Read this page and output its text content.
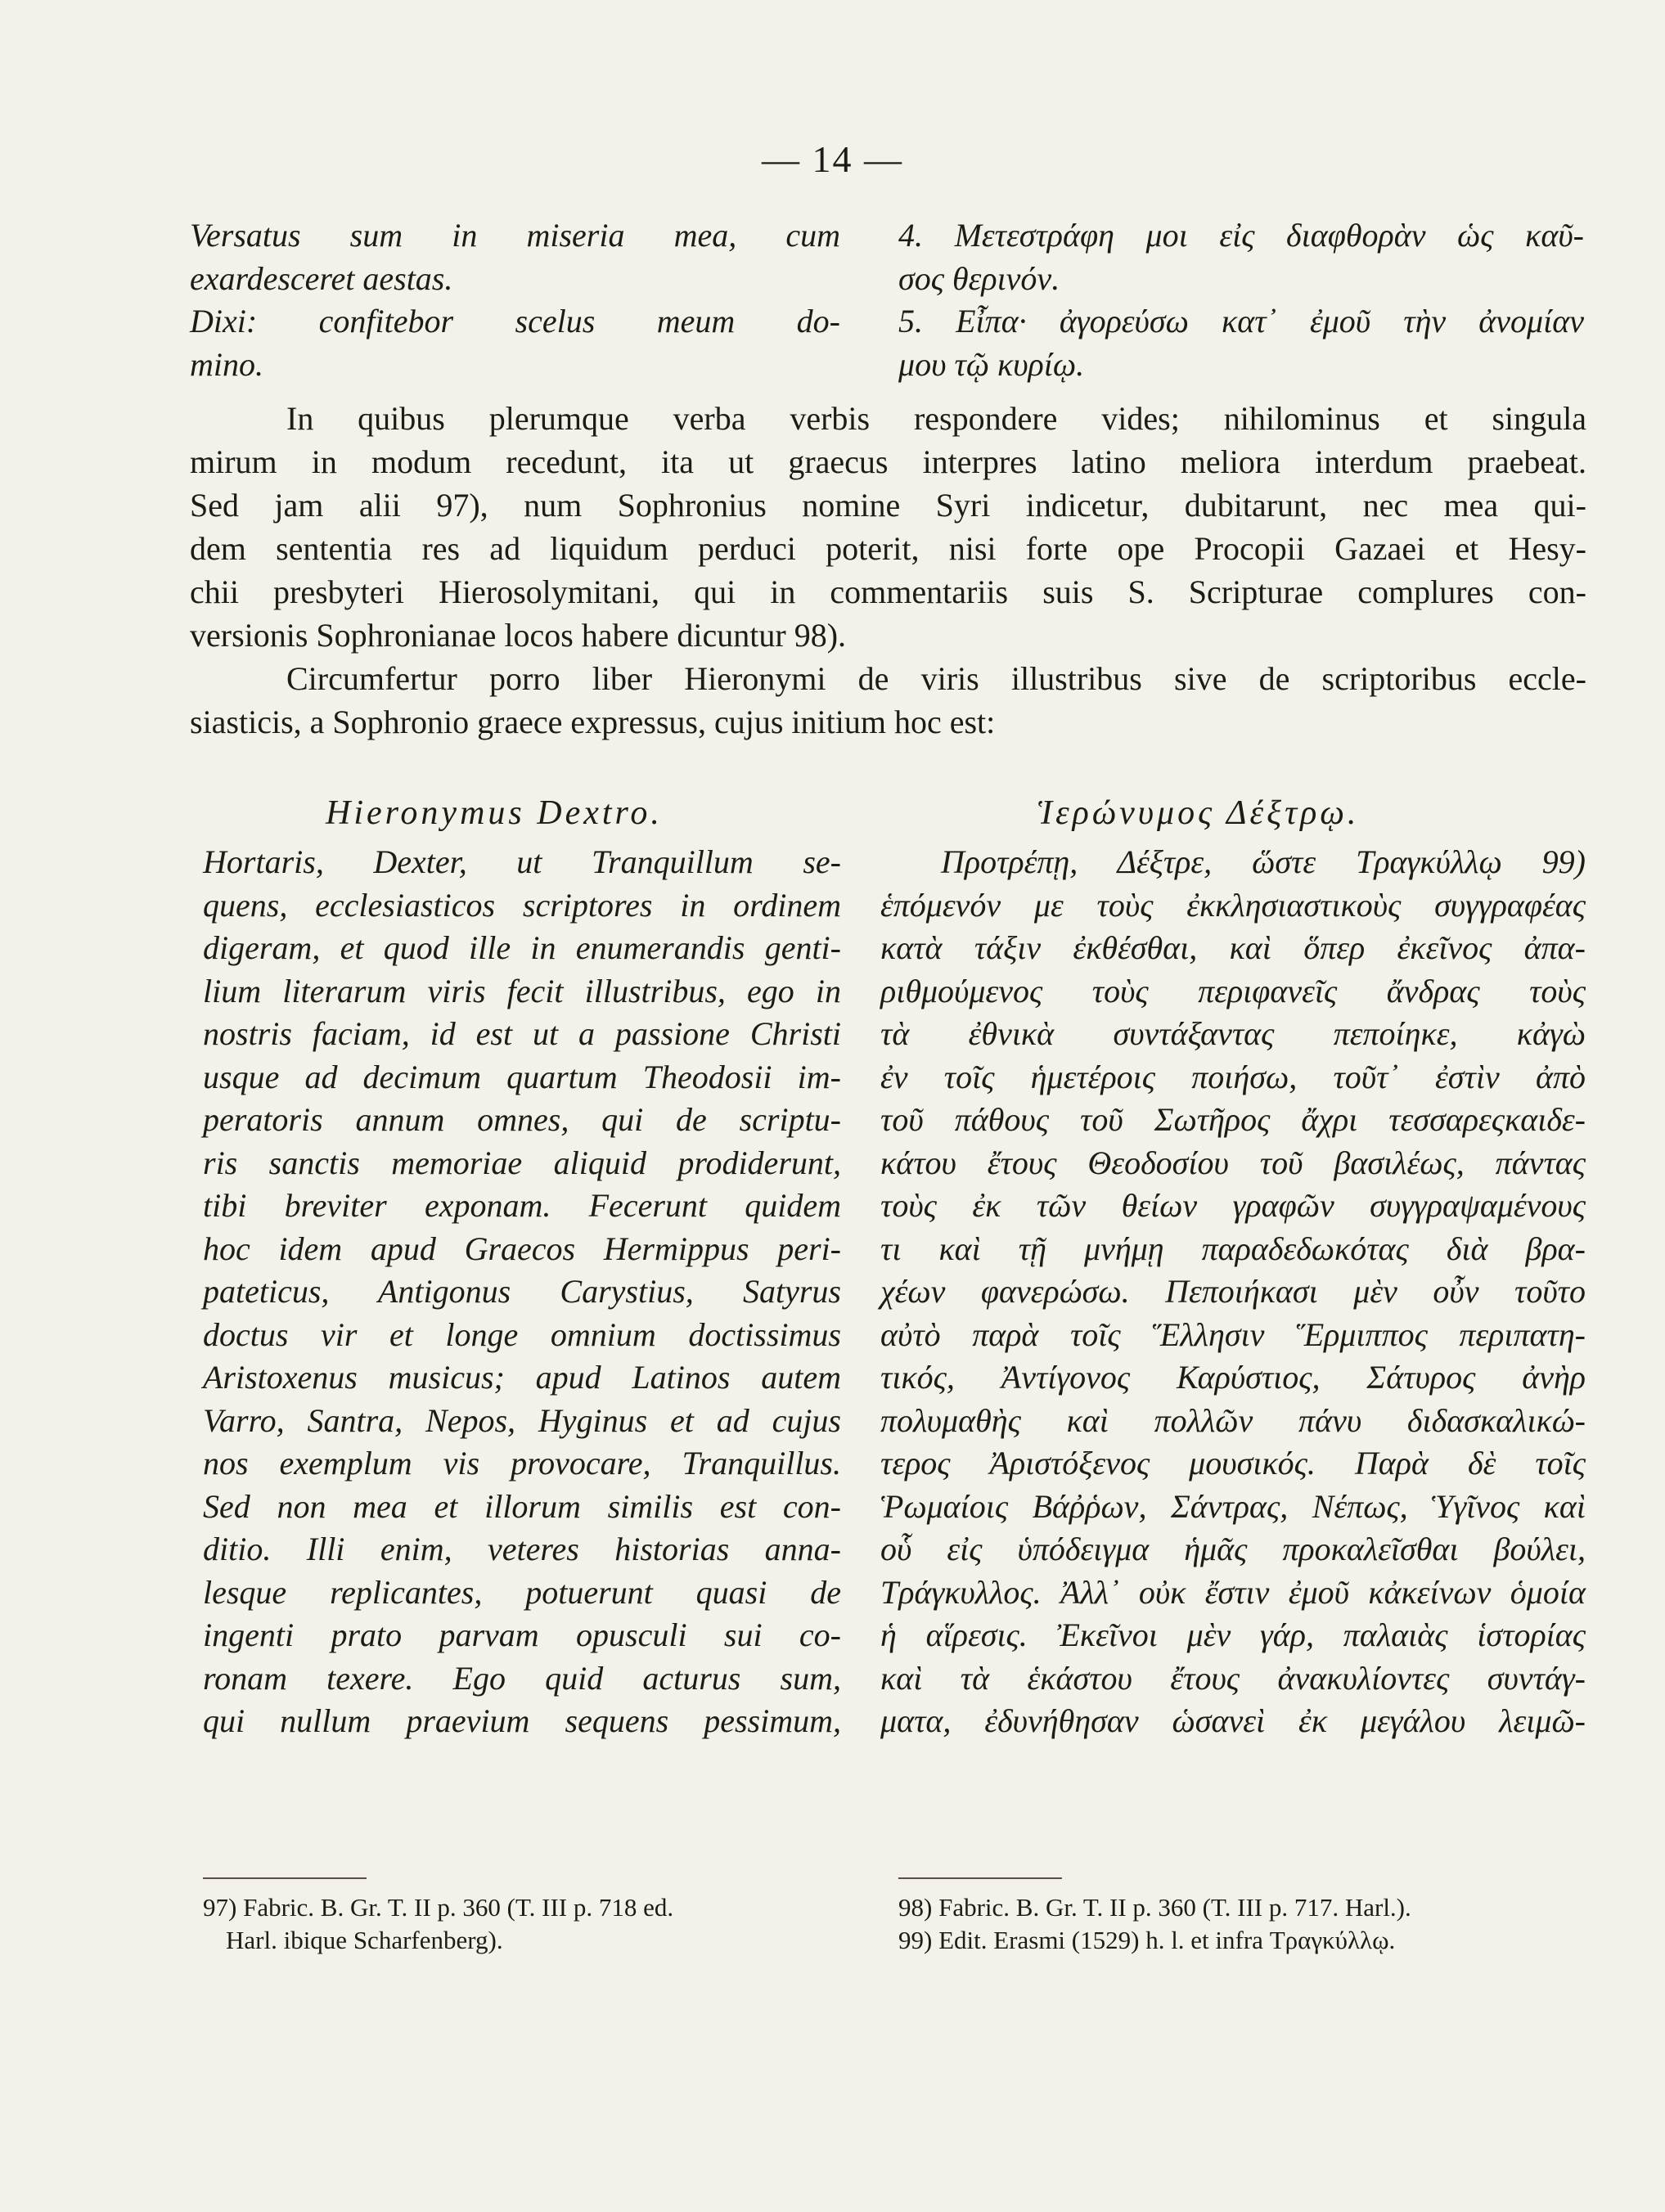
— 14 —
Versatus sum in miseria mea, cum
exardesceret aestas.
Dixi: confitebor scelus meum do-
mino.
4. Μετεστράφη μοι εἰς διαφθορὰν ὡς καῦ-
σος θερινόν.
5. Εἶπα· ἀγορεύσω κατ᾿ ἐμοῦ τὴν ἀνομίαν
μου τῷ κυρίῳ.
In quibus plerumque verba verbis respondere vides; nihilominus et singula
mirum in modum recedunt, ita ut graecus interpres latino meliora interdum praebeat.
Sed jam alii 97), num Sophronius nomine Syri indicetur, dubitarunt, nec mea qui-
dem sententia res ad liquidum perduci poterit, nisi forte ope Procopii Gazaei et Hesy-
chii presbyteri Hierosolymitani, qui in commentariis suis S. Scripturae complures con-
versionis Sophronianae locos habere dicuntur 98).
Circumfertur porro liber Hieronymi de viris illustribus sive de scriptoribus eccle-
siasticis, a Sophronio graece expressus, cujus initium hoc est:
Hieronymus Dextro.	Ἱερώνυμος Δέξτρῳ.
Hortaris, Dexter, ut Tranquillum se-
quens, ecclesiasticos scriptores in ordinem
digeram, et quod ille in enumerandis genti-
lium literarum viris fecit illustribus, ego in
nostris faciam, id est ut a passione Christi
usque ad decimum quartum Theodosii im-
peratoris annum omnes, qui de scriptu-
ris sanctis memoriae aliquid prodiderunt,
tibi breviter exponam. Fecerunt quidem
hoc idem apud Graecos Hermippus peri-
pateticus, Antigonus Carystius, Satyrus
doctus vir et longe omnium doctissimus
Aristoxenus musicus; apud Latinos autem
Varro, Santra, Nepos, Hyginus et ad cujus
nos exemplum vis provocare, Tranquillus.
Sed non mea et illorum similis est con-
ditio. Illi enim, veteres historias anna-
lesque replicantes, potuerunt quasi de
ingenti prato parvam opusculi sui co-
ronam texere. Ego quid acturus sum,
qui nullum praevium sequens pessimum,
Προτρέπῃ, Δέξτρε, ὥστε Τραγκύλλῳ 99)
ἑπόμενόν με τοὺς ἐκκλησιαστικοὺς συγγραφέας
κατὰ τάξιν ἐκθέσθαι, καὶ ὅπερ ἐκεῖνος ἀπα-
ριθμούμενος τοὺς περιφανεῖς ἄνδρας τοὺς
τὰ ἐθνικὰ συντάξαντας πεποίηκε, κἀγὼ
ἐν τοῖς ἡμετέροις ποιήσω, τοῦτ᾿ ἐστὶν ἀπὸ
τοῦ πάθους τοῦ Σωτῆρος ἄχρι τεσσαρεςκαιδε-
κάτου ἔτους Θεοδοσίου τοῦ βασιλέως, πάντας
τοὺς ἐκ τῶν θείων γραφῶν συγγραψαμένους
τι καὶ τῇ μνήμῃ παραδεδωκότας διὰ βρα-
χέων φανερώσω. Πεποιήκασι μὲν οὖν τοῦτο
αὐτὸ παρὰ τοῖς Ἕλλησιν Ἕρμιππος περιπατη-
τικός, Ἀντίγονος Καρύστιος, Σάτυρος ἀνὴρ
πολυμαθὴς καὶ πολλῶν πάνυ διδασκαλικώ-
τερος Ἀριστόξενος μουσικός. Παρὰ δὲ τοῖς
Ῥωμαίοις Βάῤῥων, Σάντρας, Νέπως, Ὑγῖνος καὶ
οὗ εἰς ὑπόδειγμα ἡμᾶς προκαλεῖσθαι βούλει,
Τράγκυλλος. Ἀλλ᾿ οὐκ ἔστιν ἐμοῦ κἀκείνων ὁμοία
ἡ αἵρεσις. Ἐκεῖνοι μὲν γάρ, παλαιὰς ἱστορίας
καὶ τὰ ἑκάστου ἔτους ἀνακυλίοντες συντάγ-
ματα, ἐδυνήθησαν ὡσανεὶ ἐκ μεγάλου λειμῶ-
97) Fabric. B. Gr. T. II p. 360 (T. III p. 718 ed.
Harl. ibique Scharfenberg).
98) Fabric. B. Gr. T. II p. 360 (T. III p. 717. Harl.).
99) Edit. Erasmi (1529) h. l. et infra Τραγκύλλῳ.
